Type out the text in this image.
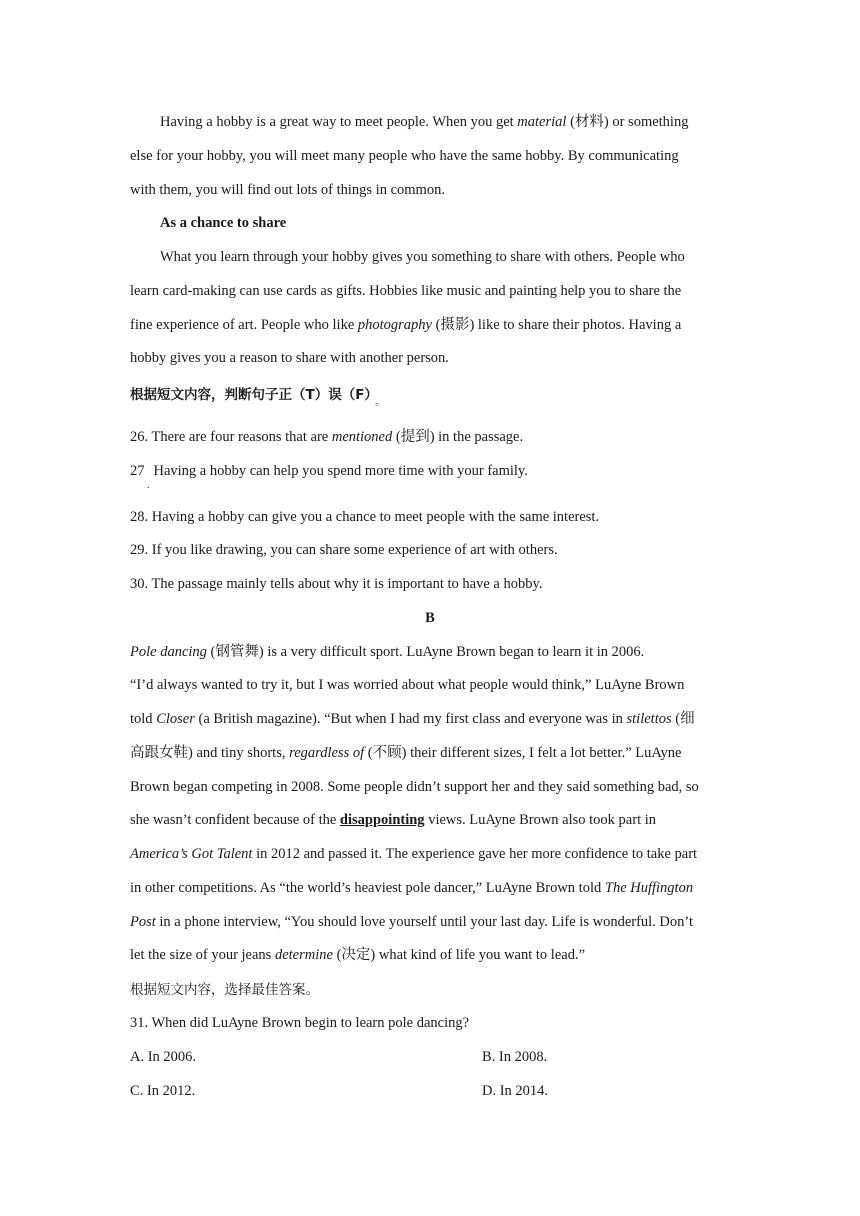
Having a hobby is a great way to meet people. When you get material (材料) or something
else for your hobby, you will meet many people who have the same hobby. By communicating
with them, you will find out lots of things in common.
As a chance to share
What you learn through your hobby gives you something to share with others. People who
learn card-making can use cards as gifts. Hobbies like music and painting help you to share the
fine experience of art. People who like photography (摄影) like to share their photos. Having a
hobby gives you a reason to share with another person.
根据短文内容，判断句子正（T）误（F） $_。$
26. There are four reasons that are mentioned (提到) in the passage.
27 Having a hobby can help you spend more time with your family.
.
28. Having a hobby can give you a chance to meet people with the same interest.
29. If you like drawing, you can share some experience of art with others.
30. The passage mainly tells about why it is important to have a hobby.
B
Pole dancing (钢管舞) is a very difficult sport. LuAyne Brown began to learn it in 2006.
“I’d always wanted to try it, but I was worried about what people would think,” LuAyne Brown
told Closer (a British magazine). “But when I had my first class and everyone was in stilettos (细
高跟女鞋) and tiny shorts, regardless of (不顾) their different sizes, I felt a lot better.” LuAyne
Brown began competing in 2008. Some people didn’t support her and they said something bad, so
she wasn’t confident because of the disappointing views. LuAyne Brown also took part in
America’s Got Talent in 2012 and passed it. The experience gave her more confidence to take part
in other competitions. As “the world’s heaviest pole dancer,” LuAyne Brown told The Huffington
Post in a phone interview, “You should love yourself until your last day. Life is wonderful. Don’t
let the size of your jeans determine (决定) what kind of life you want to lead.”
根据短文内容，选择最佳答案。
31. When did LuAyne Brown begin to learn pole dancing?
A. In 2006.	B. In 2008.
C. In 2012.	D. In 2014.
